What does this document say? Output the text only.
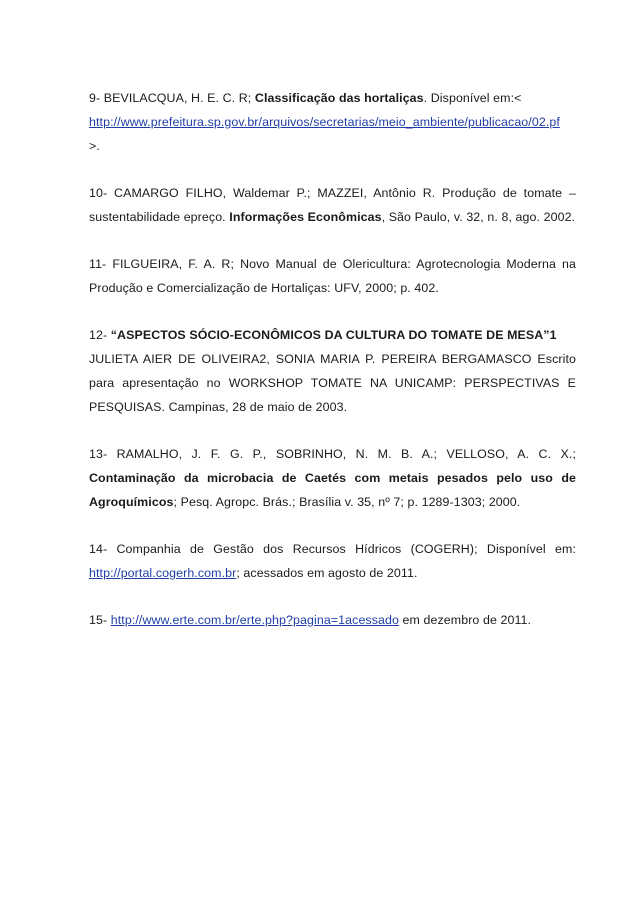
9- BEVILACQUA, H. E. C. R; Classificação das hortaliças. Disponível em:<
http://www.prefeitura.sp.gov.br/arquivos/secretarias/meio_ambiente/publicacao/02.pf
>.

10- CAMARGO FILHO, Waldemar P.; MAZZEI, Antônio R. Produção de tomate – sustentabilidade epreço. Informações Econômicas, São Paulo, v. 32, n. 8, ago. 2002.

11- FILGUEIRA, F. A. R; Novo Manual de Olericultura: Agrotecnologia Moderna na Produção e Comercialização de Hortaliças: UFV, 2000; p. 402.

12- “ASPECTOS SÓCIO-ECONÔMICOS DA CULTURA DO TOMATE DE MESA”1
JULIETA AIER DE OLIVEIRA2, SONIA MARIA P. PEREIRA BERGAMASCO Escrito para apresentação no WORKSHOP TOMATE NA UNICAMP: PERSPECTIVAS E PESQUISAS. Campinas, 28 de maio de 2003.

13- RAMALHO, J. F. G. P., SOBRINHO, N. M. B. A.; VELLOSO, A. C. X.; Contaminação da microbacia de Caetés com metais pesados pelo uso de Agroquímicos; Pesq. Agropc. Brás.; Brasília v. 35, nº 7; p. 1289-1303; 2000.

14- Companhia de Gestão dos Recursos Hídricos (COGERH); Disponível em: http://portal.cogerh.com.br; acessados em agosto de 2011.

15- http://www.erte.com.br/erte.php?pagina=1acessado em dezembro de 2011.
